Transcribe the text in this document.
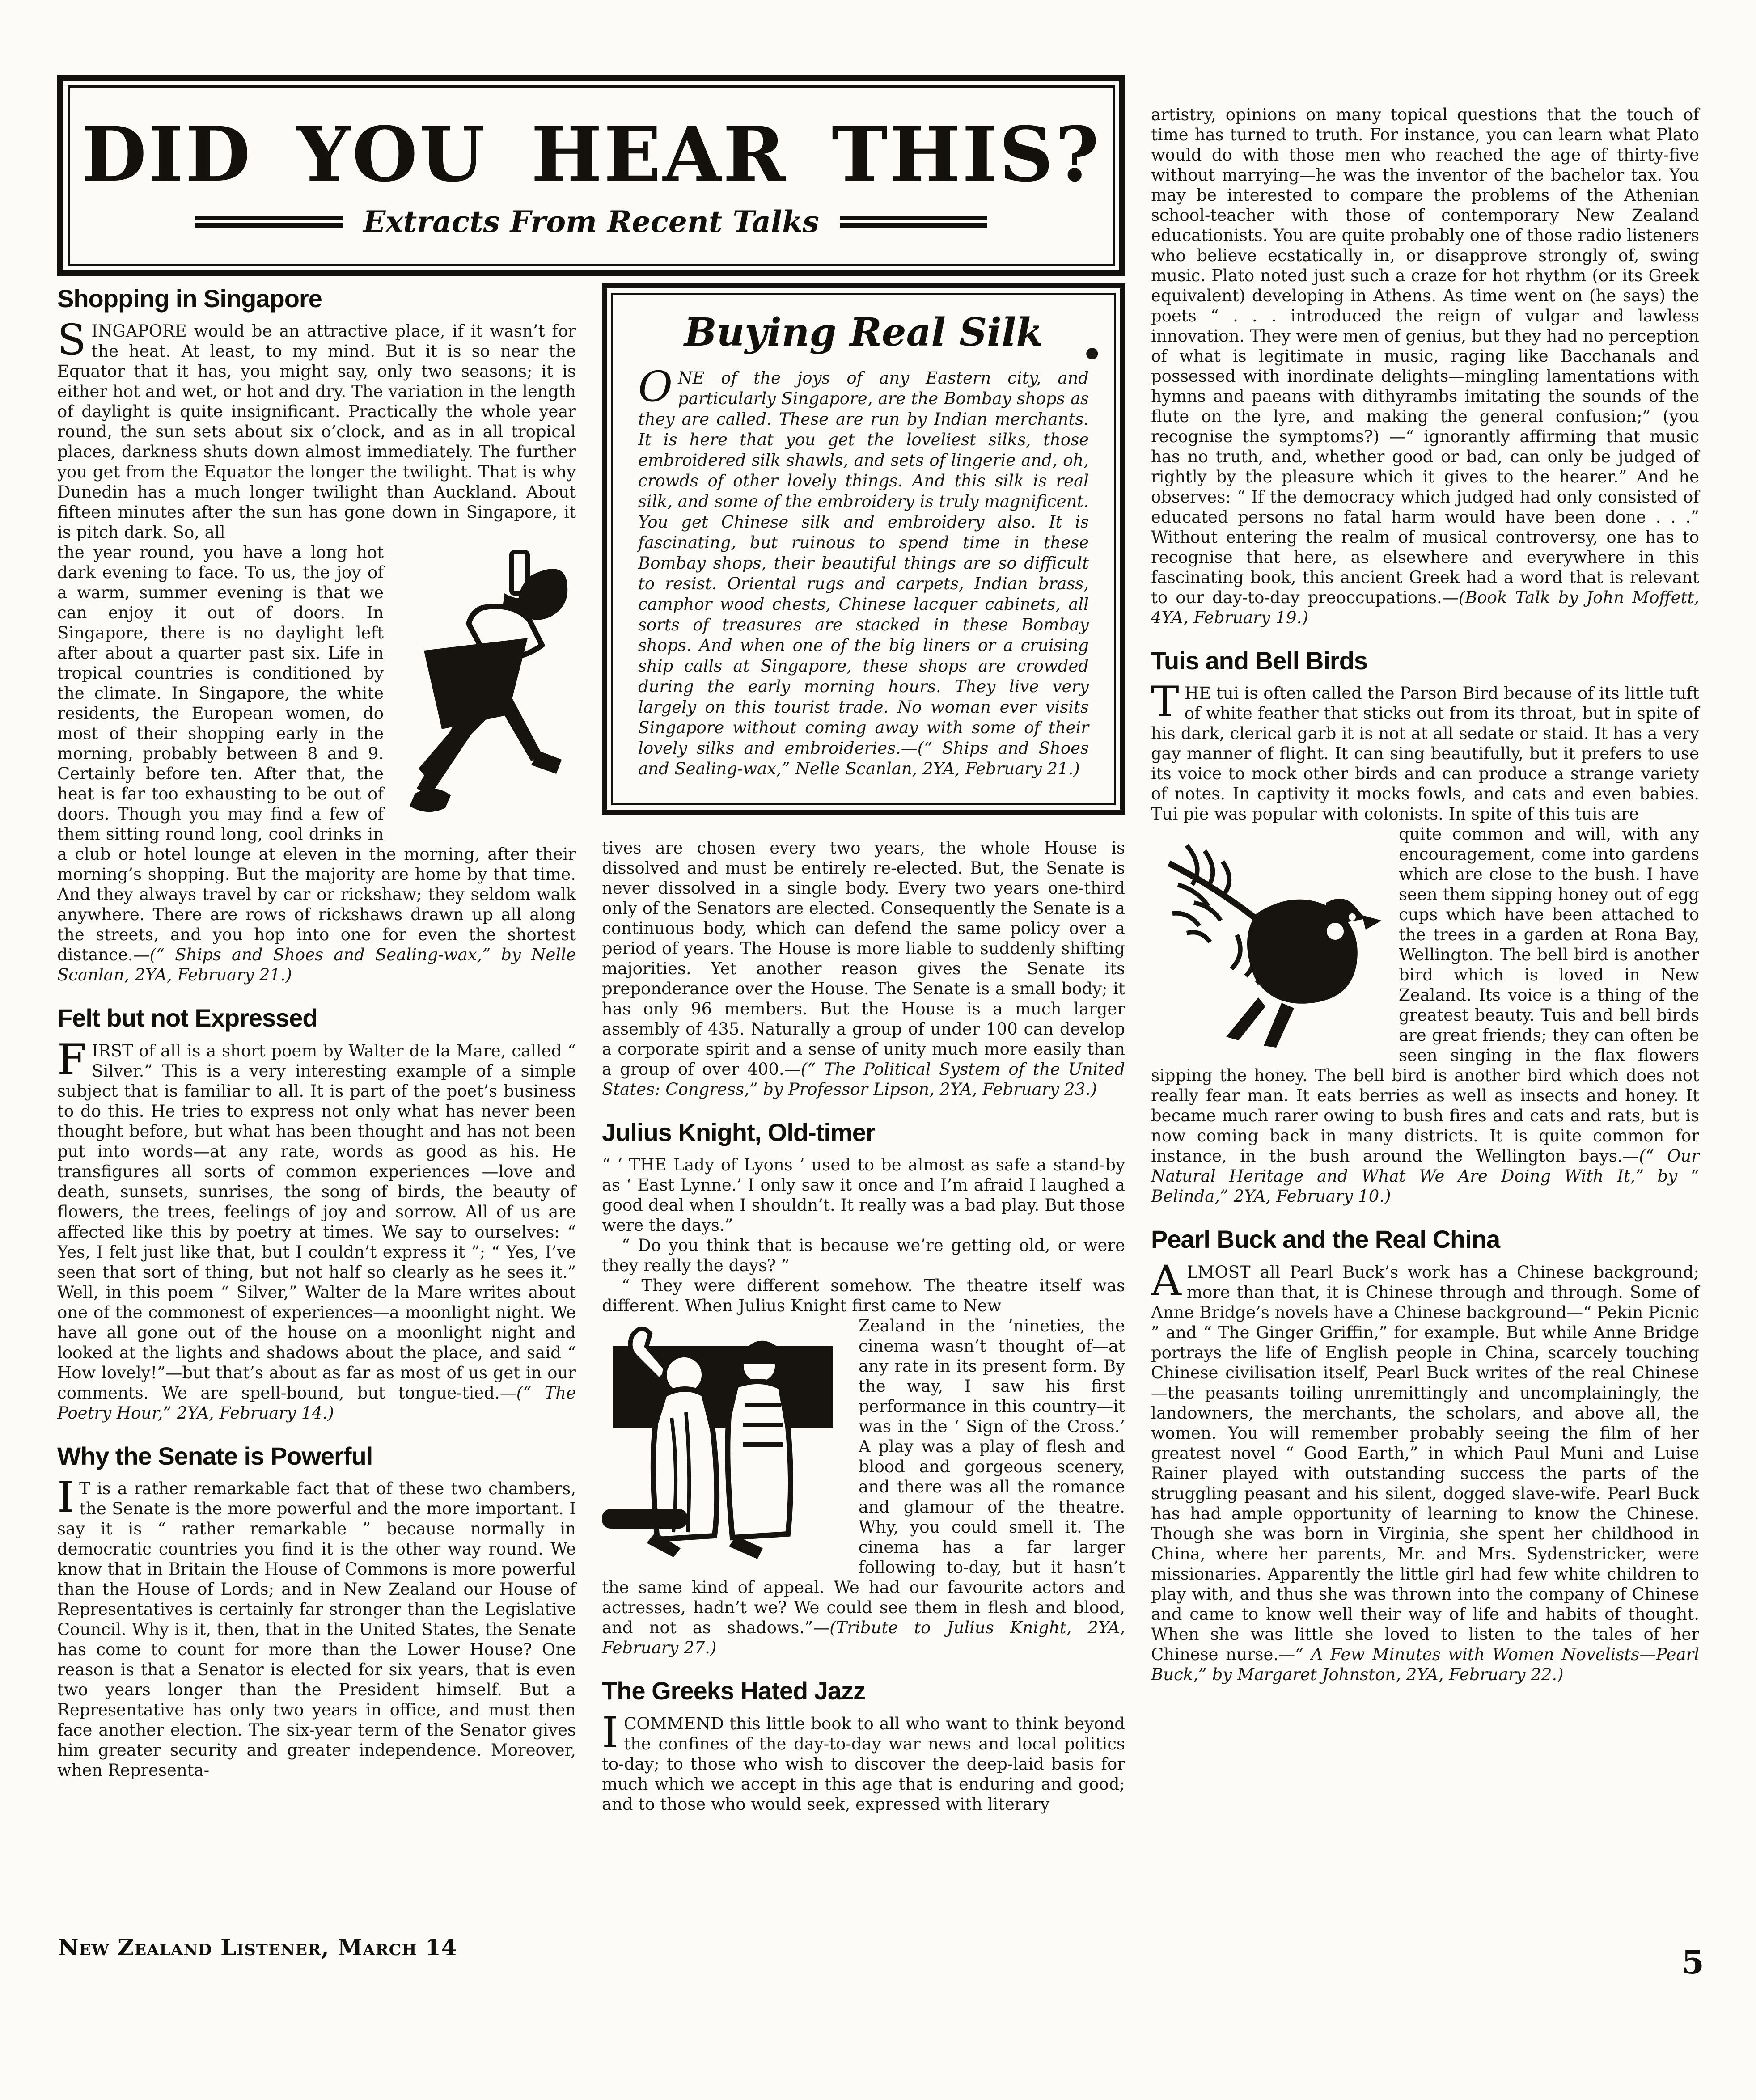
DID YOU HEAR THIS?
Extracts From Recent Talks
Shopping in Singapore

SINGAPORE would be an attractive place, if it wasn’t for the heat. At least, to my mind. But it is so near the Equator that it has, you might say, only two seasons; it is either hot and wet, or hot and dry. The variation in the length of daylight is quite insignificant. Practically the whole year round, the sun sets about six o’clock, and as in all tropical places, darkness shuts down almost immediately. The further you get from the Equator the longer the twilight. That is why Dunedin has a much longer twilight than Auckland. About fifteen minutes after the sun has gone down in Singapore, it is pitch dark. So, all

the year round, you have a long hot dark evening to face. To us, the joy of a warm, summer evening is that we can enjoy it out of doors. In Singapore, there is no daylight left after about a quarter past six. Life in tropical countries is conditioned by the climate. In Singapore, the white residents, the European women, do most of their shopping early in the morning, probably between 8 and 9. Certainly before ten. After that, the heat is far too exhausting to be out of doors. Though you may find a few of them sitting round long, cool drinks in a club or hotel lounge at eleven in the morning, after their morning’s shopping. But the majority are home by that time. And they always travel by car or rickshaw; they seldom walk anywhere. There are rows of rickshaws drawn up all along the streets, and you hop into one for even the shortest distance.—(“ Ships and Shoes and Sealing-wax,” by Nelle Scanlan, 2YA, February 21.)

Felt but not Expressed

FIRST of all is a short poem by Walter de la Mare, called “ Silver.” This is a very interesting example of a simple subject that is familiar to all. It is part of the poet’s business to do this. He tries to express not only what has never been thought before, but what has been thought and has not been put into words—at any rate, words as good as his. He transfigures all sorts of common experiences —love and death, sunsets, sunrises, the song of birds, the beauty of flowers, the trees, feelings of joy and sorrow. All of us are affected like this by poetry at times. We say to ourselves: “ Yes, I felt just like that, but I couldn’t express it ”; “ Yes, I’ve seen that sort of thing, but not half so clearly as he sees it.” Well, in this poem “ Silver,” Walter de la Mare writes about one of the commonest of experiences—a moonlight night. We have all gone out of the house on a moonlight night and looked at the lights and shadows about the place, and said “ How lovely!”—but that’s about as far as most of us get in our comments. We are spell-bound, but tongue-tied.—(“ The Poetry Hour,” 2YA, February 14.)

Why the Senate is Powerful

I T is a rather remarkable fact that of these two chambers, the Senate is the more powerful and the more important. I say it is “ rather remarkable ” because normally in democratic countries you find it is the other way round. We know that in Britain the House of Commons is more powerful than the House of Lords; and in New Zealand our House of Representatives is certainly far stronger than the Legislative Council. Why is it, then, that in the United States, the Senate has come to count for more than the Lower House? One reason is that a Senator is elected for six years, that is even two years longer than the President himself. But a Representative has only two years in office, and must then face another election. The six-year term of the Senator gives him greater security and greater independence. Moreover, when Representa-

Buying Real Silk	●

ONE of the joys of any Eastern city, and particularly Singapore, are the Bombay shops as they are called. These are run by Indian merchants. It is here that you get the loveliest silks, those embroidered silk shawls, and sets of lingerie and, oh, crowds of other lovely things. And this silk is real silk, and some of the embroidery is truly magnificent. You get Chinese silk and embroidery also. It is fascinating, but ruinous to spend time in these Bombay shops, their beautiful things are so difficult to resist. Oriental rugs and carpets, Indian brass, camphor wood chests, Chinese lacquer cabinets, all sorts of treasures are stacked in these Bombay shops. And when one of the big liners or a cruising ship calls at Singapore, these shops are crowded during the early morning hours. They live very largely on this tourist trade. No woman ever visits Singapore without coming away with some of their lovely silks and embroideries.—(“ Ships and Shoes and Sealing-wax,” Nelle Scanlan, 2YA, February 21.)

tives are chosen every two years, the whole House is dissolved and must be entirely re-elected. But, the Senate is never dissolved in a single body. Every two years one-third only of the Senators are elected. Consequently the Senate is a continuous body, which can defend the same policy over a period of years. The House is more liable to suddenly shifting majorities. Yet another reason gives the Senate its preponderance over the House. The Senate is a small body; it has only 96 members. But the House is a much larger assembly of 435. Naturally a group of under 100 can develop a corporate spirit and a sense of unity much more easily than a group of over 400.—(“ The Political System of the United States: Congress,” by Professor Lipson, 2YA, February 23.)

Julius Knight, Old-timer

“ ‘ THE Lady of Lyons ’ used to be almost as safe a stand-by as ‘ East Lynne.’ I only saw it once and I’m afraid I laughed a good deal when I shouldn’t. It really was a bad play. But those were the days.”

“ Do you think that is because we’re getting old, or were they really the days? ”

“ They were different somehow. The theatre itself was different. When Julius Knight first came to New

Zealand in the ’nineties, the cinema wasn’t thought of—at any rate in its present form. By the way, I saw his first performance in this country—it was in the ‘ Sign of the Cross.’ A play was a play of flesh and blood and gorgeous scenery, and there was all the romance and glamour of the theatre. Why, you could smell it. The cinema has a far larger following to-day, but it hasn’t the same kind of appeal. We had our favourite actors and actresses, hadn’t we? We could see them in flesh and blood, and not as shadows.”—(Tribute to Julius Knight, 2YA, February 27.)

The Greeks Hated Jazz

ICOMMEND this little book to all who want to think beyond the confines of the day-to-day war news and local politics to-day; to those who wish to discover the deep-laid basis for much which we accept in this age that is enduring and good; and to those who would seek, expressed with literary

artistry, opinions on many topical questions that the touch of time has turned to truth. For instance, you can learn what Plato would do with those men who reached the age of thirty-five without marrying—he was the inventor of the bachelor tax. You may be interested to compare the problems of the Athenian school-teacher with those of contemporary New Zealand educationists. You are quite probably one of those radio listeners who believe ecstatically in, or disapprove strongly of, swing music. Plato noted just such a craze for hot rhythm (or its Greek equivalent) developing in Athens. As time went on (he says) the poets “ . . . introduced the reign of vulgar and lawless innovation. They were men of genius, but they had no perception of what is legitimate in music, raging like Bacchanals and possessed with inordinate delights—mingling lamentations with hymns and paeans with dithyrambs imitating the sounds of the flute on the lyre, and making the general confusion;” (you recognise the symptoms?) —“ ignorantly affirming that music has no truth, and, whether good or bad, can only be judged of rightly by the pleasure which it gives to the hearer.” And he observes: “ If the democracy which judged had only consisted of educated persons no fatal harm would have been done . . .” Without entering the realm of musical controversy, one has to recognise that here, as elsewhere and everywhere in this fascinating book, this ancient Greek had a word that is relevant to our day-to-day preoccupations.—(Book Talk by John Moffett, 4YA, February 19.)

Tuis and Bell Birds

THE tui is often called the Parson Bird because of its little tuft of white feather that sticks out from its throat, but in spite of his dark, clerical garb it is not at all sedate or staid. It has a very gay manner of flight. It can sing beautifully, but it prefers to use its voice to mock other birds and can produce a strange variety of notes. In captivity it mocks fowls, and cats and even babies. Tui pie was popular with colonists. In spite of this tuis are

quite common and will, with any encouragement, come into gardens which are close to the bush. I have seen them sipping honey out of egg cups which have been attached to the trees in a garden at Rona Bay, Wellington. The bell bird is another bird which is loved in New Zealand. Its voice is a thing of the greatest beauty. Tuis and bell birds are great friends; they can often be seen singing in the flax flowers sipping the honey. The bell bird is another bird which does not really fear man. It eats berries as well as insects and honey. It became much rarer owing to bush fires and cats and rats, but is now coming back in many districts. It is quite common for instance, in the bush around the Wellington bays.—(“ Our Natural Heritage and What We Are Doing With It,” by “ Belinda,” 2YA, February 10.)

Pearl Buck and the Real China

ALMOST all Pearl Buck’s work has a Chinese background; more than that, it is Chinese through and through. Some of Anne Bridge’s novels have a Chinese background—“ Pekin Picnic ” and “ The Ginger Griffin,” for example. But while Anne Bridge portrays the life of English people in China, scarcely touching Chinese civilisation itself, Pearl Buck writes of the real Chinese—the peasants toiling unremittingly and uncomplainingly, the landowners, the merchants, the scholars, and above all, the women. You will remember probably seeing the film of her greatest novel “ Good Earth,” in which Paul Muni and Luise Rainer played with outstanding success the parts of the struggling peasant and his silent, dogged slave-wife. Pearl Buck has had ample opportunity of learning to know the Chinese. Though she was born in Virginia, she spent her childhood in China, where her parents, Mr. and Mrs. Sydenstricker, were missionaries. Apparently the little girl had few white children to play with, and thus she was thrown into the company of Chinese and came to know well their way of life and habits of thought. When she was little she loved to listen to the tales of her Chinese nurse.—“ A Few Minutes with Women Novelists—Pearl Buck,” by Margaret Johnston, 2YA, February 22.)

New Zealand Listener, March 14	5
